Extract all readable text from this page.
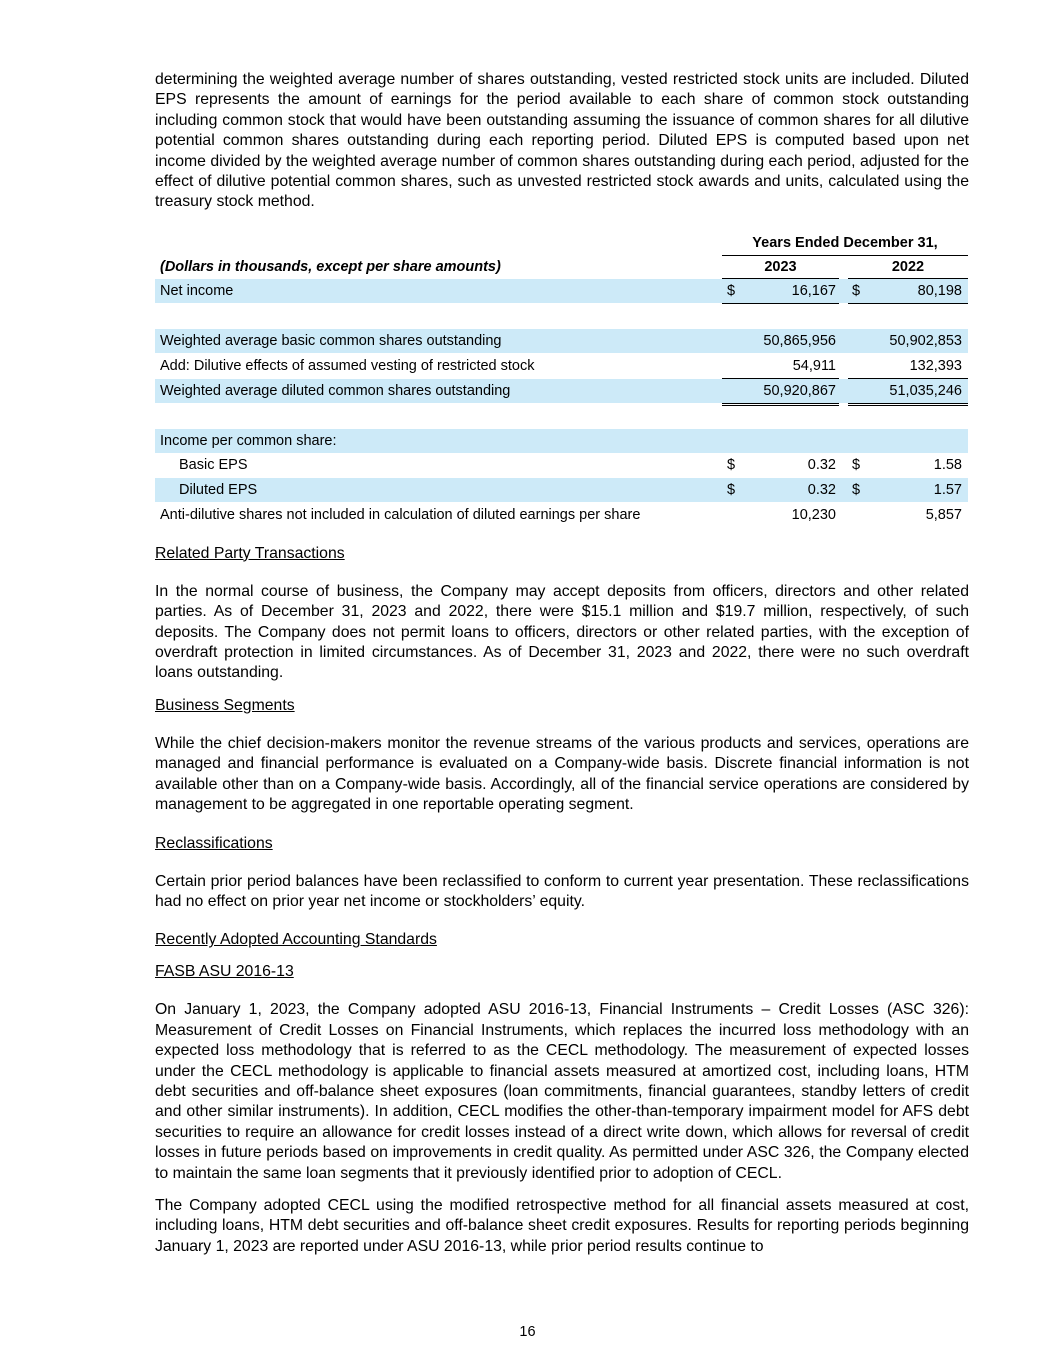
determining the weighted average number of shares outstanding, vested restricted stock units are included. Diluted EPS represents the amount of earnings for the period available to each share of common stock outstanding including common stock that would have been outstanding assuming the issuance of common shares for all dilutive potential common shares outstanding during each reporting period. Diluted EPS is computed based upon net income divided by the weighted average number of common shares outstanding during each period, adjusted for the effect of dilutive potential common shares, such as unvested restricted stock awards and units, calculated using the treasury stock method.

Years Ended December 31,
(Dollars in thousands, except per share amounts)	2023	2022
Net income	$	16,167 $	80,198
Weighted average basic common shares outstanding	50,865,956	50,902,853
Add: Dilutive effects of assumed vesting of restricted stock	54,911	132,393
Weighted average diluted common shares outstanding	50,920,867	51,035,246
Income per common share:
Basic EPS	$	0.32 $	1.58
Diluted EPS	$	0.32 $	1.57
Anti-dilutive shares not included in calculation of diluted earnings per share	10,230	5,857
Related Party Transactions

In the normal course of business, the Company may accept deposits from officers, directors and other related parties. As of December 31, 2023 and 2022, there were $15.1 million and $19.7 million, respectively, of such deposits. The Company does not permit loans to officers, directors or other related parties, with the exception of overdraft protection in limited circumstances. As of December 31, 2023 and 2022, there were no such overdraft loans outstanding.

Business Segments

While the chief decision-makers monitor the revenue streams of the various products and services, operations are managed and financial performance is evaluated on a Company-wide basis. Discrete financial information is not available other than on a Company-wide basis. Accordingly, all of the financial service operations are considered by management to be aggregated in one reportable operating segment.

Reclassifications

Certain prior period balances have been reclassified to conform to current year presentation. These reclassifications had no effect on prior year net income or stockholders’ equity.

Recently Adopted Accounting Standards
FASB ASU 2016-13

On January 1, 2023, the Company adopted ASU 2016-13, Financial Instruments – Credit Losses (ASC 326): Measurement of Credit Losses on Financial Instruments, which replaces the incurred loss methodology with an expected loss methodology that is referred to as the CECL methodology. The measurement of expected losses under the CECL methodology is applicable to financial assets measured at amortized cost, including loans, HTM debt securities and off-balance sheet exposures (loan commitments, financial guarantees, standby letters of credit and other similar instruments). In addition, CECL modifies the other-than-temporary impairment model for AFS debt securities to require an allowance for credit losses instead of a direct write down, which allows for reversal of credit losses in future periods based on improvements in credit quality. As permitted under ASC 326, the Company elected to maintain the same loan segments that it previously identified prior to adoption of CECL.

The Company adopted CECL using the modified retrospective method for all financial assets measured at cost, including loans, HTM debt securities and off-balance sheet credit exposures. Results for reporting periods beginning January 1, 2023 are reported under ASU 2016-13, while prior period results continue to

16
